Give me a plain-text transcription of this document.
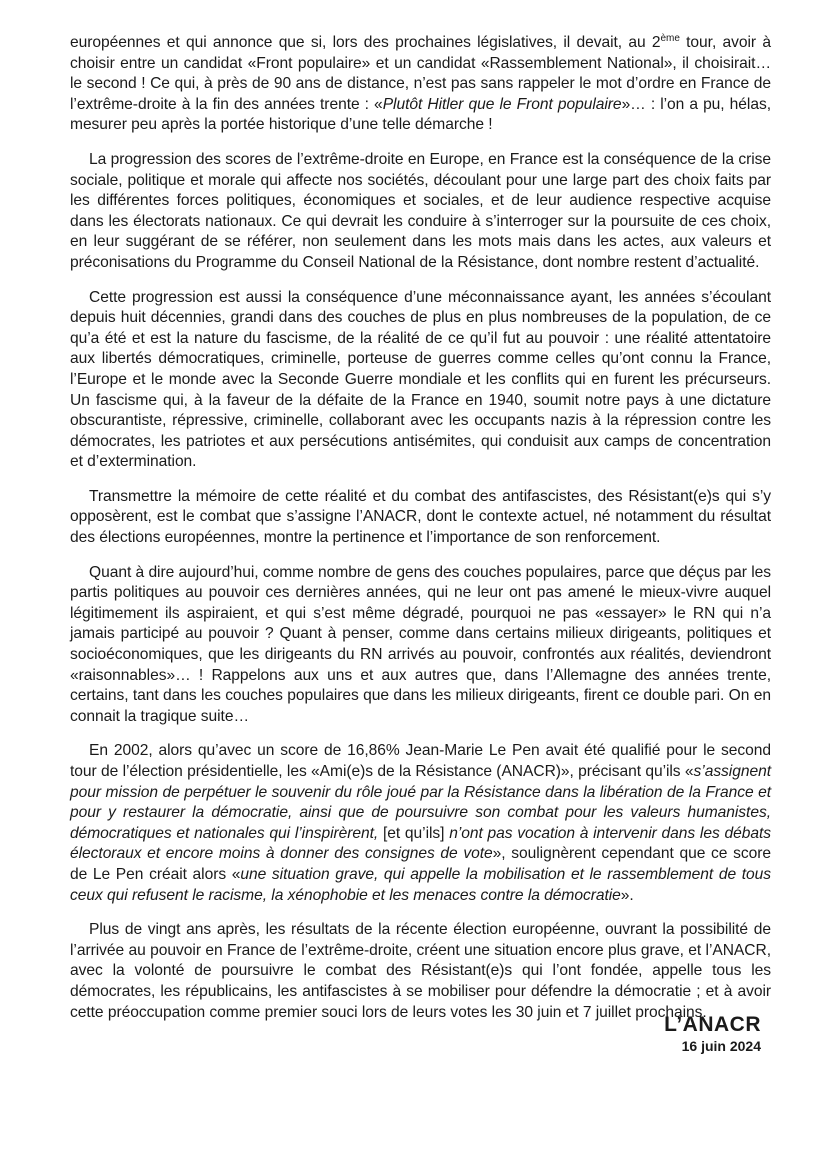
européennes et qui annonce que si, lors des prochaines législatives, il devait, au 2ème tour, avoir à choisir entre un candidat «Front populaire» et un candidat «Rassemblement National», il choisirait… le second ! Ce qui, à près de 90 ans de distance, n’est pas sans rappeler le mot d’ordre en France de l’extrême-droite à la fin des années trente : «Plutôt Hitler que le Front populaire»… : l’on a pu, hélas, mesurer peu après la portée historique d’une telle démarche !

La progression des scores de l’extrême-droite en Europe, en France est la conséquence de la crise sociale, politique et morale qui affecte nos sociétés, découlant pour une large part des choix faits par les différentes forces politiques, économiques et sociales, et de leur audience respective acquise dans les électorats nationaux. Ce qui devrait les conduire à s’interroger sur la poursuite de ces choix, en leur suggérant de se référer, non seulement dans les mots mais dans les actes, aux valeurs et préconisations du Programme du Conseil National de la Résistance, dont nombre restent d’actualité.

Cette progression est aussi la conséquence d’une méconnaissance ayant, les années s’écoulant depuis huit décennies, grandi dans des couches de plus en plus nombreuses de la population, de ce qu’a été et est la nature du fascisme, de la réalité de ce qu’il fut au pouvoir : une réalité attentatoire aux libertés démocratiques, criminelle, porteuse de guerres comme celles qu’ont connu la France, l’Europe et le monde avec la Seconde Guerre mondiale et les conflits qui en furent les précurseurs. Un fascisme qui, à la faveur de la défaite de la France en 1940, soumit notre pays à une dictature obscurantiste, répressive, criminelle, collaborant avec les occupants nazis à la répression contre les démocrates, les patriotes et aux persécutions antisémites, qui conduisit aux camps de concentration et d’extermination.

Transmettre la mémoire de cette réalité et du combat des antifascistes, des Résistant(e)s qui s’y opposèrent, est le combat que s’assigne l’ANACR, dont le contexte actuel, né notamment du résultat des élections européennes, montre la pertinence et l’importance de son renforcement.

Quant à dire aujourd’hui, comme nombre de gens des couches populaires, parce que déçus par les partis politiques au pouvoir ces dernières années, qui ne leur ont pas amené le mieux-vivre auquel légitimement ils aspiraient, et qui s’est même dégradé, pourquoi ne pas «essayer» le RN qui n’a jamais participé au pouvoir ? Quant à penser, comme dans certains milieux dirigeants, politiques et socioéconomiques, que les dirigeants du RN arrivés au pouvoir, confrontés aux réalités, deviendront «raisonnables»… ! Rappelons aux uns et aux autres que, dans l’Allemagne des années trente, certains, tant dans les couches populaires que dans les milieux dirigeants, firent ce double pari. On en connait la tragique suite…

En 2002, alors qu’avec un score de 16,86% Jean-Marie Le Pen avait été qualifié pour le second tour de l’élection présidentielle, les «Ami(e)s de la Résistance (ANACR)», précisant qu’ils «s’assignent pour mission de perpétuer le souvenir du rôle joué par la Résistance dans la libération de la France et pour y restaurer la démocratie, ainsi que de poursuivre son combat pour les valeurs humanistes, démocratiques et nationales qui l’inspirèrent, [et qu’ils] n’ont pas vocation à intervenir dans les débats électoraux et encore moins à donner des consignes de vote», soulignèrent cependant que ce score de Le Pen créait alors «une situation grave, qui appelle la mobilisation et le rassemblement de tous ceux qui refusent le racisme, la xénophobie et les menaces contre la démocratie».

Plus de vingt ans après, les résultats de la récente élection européenne, ouvrant la possibilité de l’arrivée au pouvoir en France de l’extrême-droite, créent une situation encore plus grave, et l’ANACR, avec la volonté de poursuivre le combat des Résistant(e)s qui l’ont fondée, appelle tous les démocrates, les républicains, les antifascistes à se mobiliser pour défendre la démocratie ; et à avoir cette préoccupation comme premier souci lors de leurs votes les 30 juin et 7 juillet prochains.

L’ANACR
16 juin 2024
